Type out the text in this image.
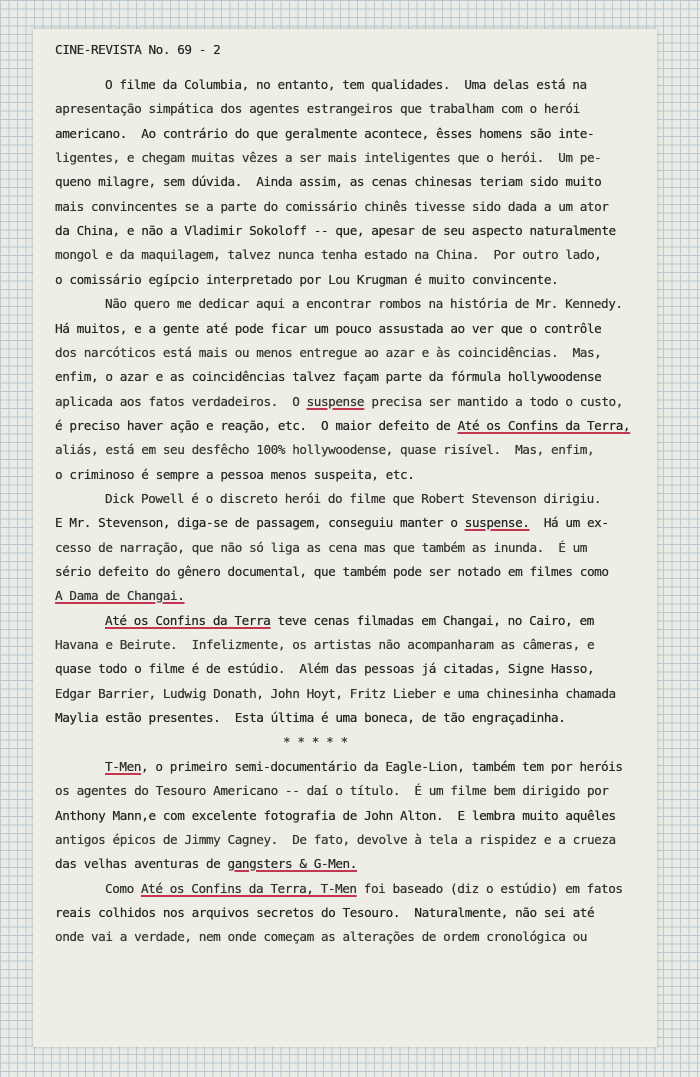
CINE-REVISTA No. 69 - 2
O filme da Columbia, no entanto, tem qualidades.  Uma delas está na
apresentação simpática dos agentes estrangeiros que trabalham com o herói
americano.  Ao contrário do que geralmente acontece, êsses homens são inte-
ligentes, e chegam muitas vêzes a ser mais inteligentes que o herói.  Um pe-
queno milagre, sem dúvida.  Ainda assim, as cenas chinesas teriam sido muito
mais convincentes se a parte do comissário chinês tivesse sido dada a um ator
da China, e não a Vladimir Sokoloff -- que, apesar de seu aspecto naturalmente
mongol e da maquilagem, talvez nunca tenha estado na China.  Por outro lado,
o comissário egípcio interpretado por Lou Krugman é muito convincente.
Não quero me dedicar aqui a encontrar rombos na história de Mr. Kennedy.
Há muitos, e a gente até pode ficar um pouco assustada ao ver que o contrôle
dos narcóticos está mais ou menos entregue ao azar e às coincidências.  Mas,
enfim, o azar e as coincidências talvez façam parte da fórmula hollywoodense
aplicada aos fatos verdadeiros.  O suspense precisa ser mantido a todo o custo,
é preciso haver ação e reação, etc.  O maior defeito de Até os Confins da Terra,
aliás, está em seu desfêcho 100% hollywoodense, quase risível.  Mas, enfim,
o criminoso é sempre a pessoa menos suspeita, etc.
Dick Powell é o discreto herói do filme que Robert Stevenson dirigiu.
E Mr. Stevenson, diga-se de passagem, conseguiu manter o suspense.  Há um ex-
cesso de narração, que não só liga as cena mas que também as inunda.  É um
sério defeito do gênero documental, que também pode ser notado em filmes como
A Dama de Changai.
Até os Confins da Terra teve cenas filmadas em Changai, no Cairo, em
Havana e Beirute.  Infelizmente, os artistas não acompanharam as câmeras, e
quase todo o filme é de estúdio.  Além das pessoas já citadas, Signe Hasso,
Edgar Barrier, Ludwig Donath, John Hoyt, Fritz Lieber e uma chinesinha chamada
Maylia estão presentes.  Esta última é uma boneca, de tão engraçadinha.
* * * * *
T-Men, o primeiro semi-documentário da Eagle-Lion, também tem por heróis
os agentes do Tesouro Americano -- daí o título.  É um filme bem dirigido por
Anthony Mann,e com excelente fotografia de John Alton.  E lembra muito aquêles
antigos épicos de Jimmy Cagney.  De fato, devolve à tela a rispidez e a crueza
das velhas aventuras de gangsters & G-Men.
Como Até os Confins da Terra, T-Men foi baseado (diz o estúdio) em fatos
reais colhidos nos arquivos secretos do Tesouro.  Naturalmente, não sei até
onde vai a verdade, nem onde começam as alterações de ordem cronológica ou
